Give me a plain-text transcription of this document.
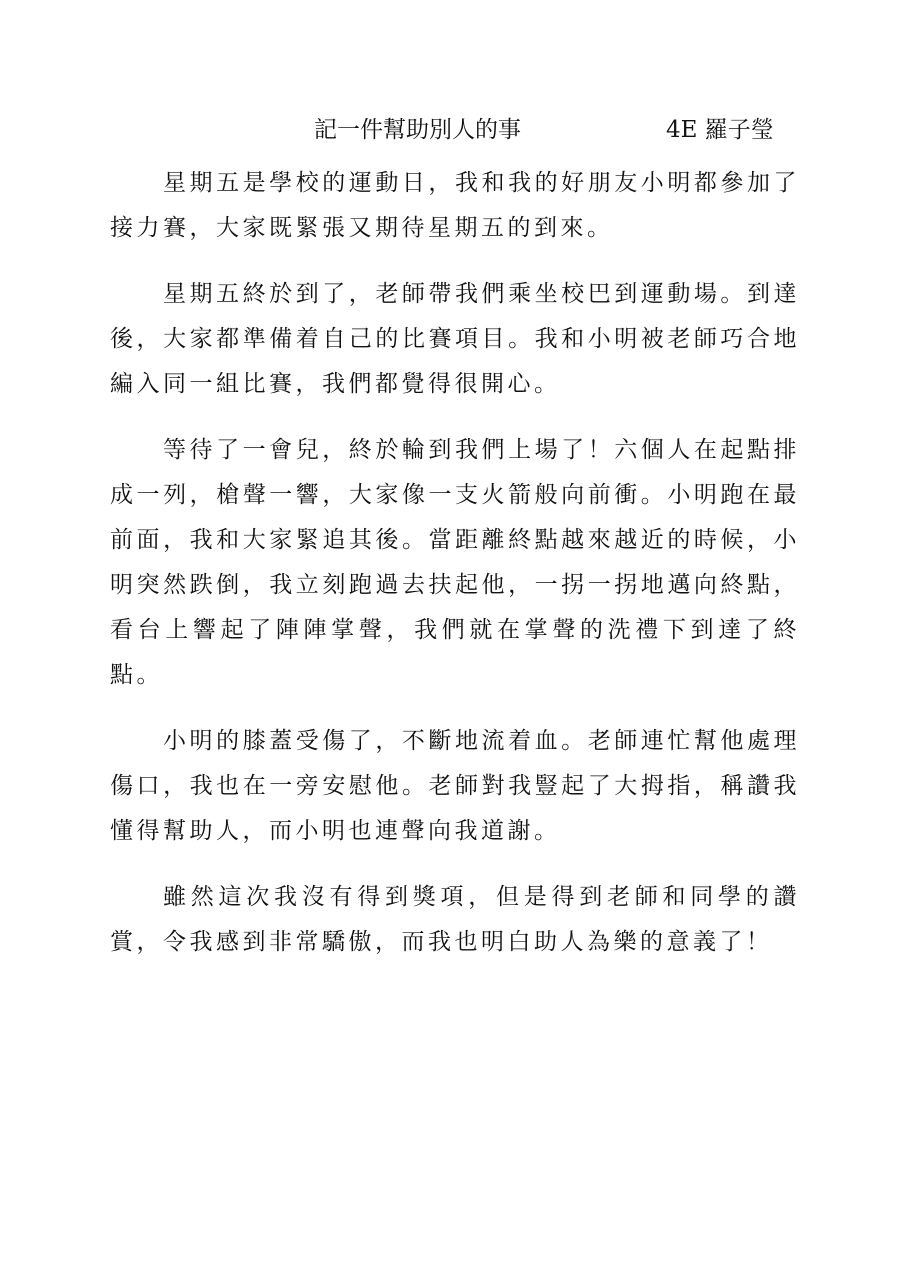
記一件幫助別人的事	4E 羅子瑩

星期五是學校的運動日，我和我的好朋友小明都參加了接力賽，大家既緊張又期待星期五的到來。

星期五終於到了，老師帶我們乘坐校巴到運動場。到達後，大家都準備着自己的比賽項目。我和小明被老師巧合地編入同一組比賽，我們都覺得很開心。

等待了一會兒，終於輪到我們上場了！六個人在起點排成一列，槍聲一響，大家像一支火箭般向前衝。小明跑在最前面，我和大家緊追其後。當距離終點越來越近的時候，小明突然跌倒，我立刻跑過去扶起他，一拐一拐地邁向終點，看台上響起了陣陣掌聲，我們就在掌聲的洗禮下到達了終點。

小明的膝蓋受傷了，不斷地流着血。老師連忙幫他處理傷口，我也在一旁安慰他。老師對我豎起了大拇指，稱讚我懂得幫助人，而小明也連聲向我道謝。

雖然這次我沒有得到獎項，但是得到老師和同學的讚賞，令我感到非常驕傲，而我也明白助人為樂的意義了！
